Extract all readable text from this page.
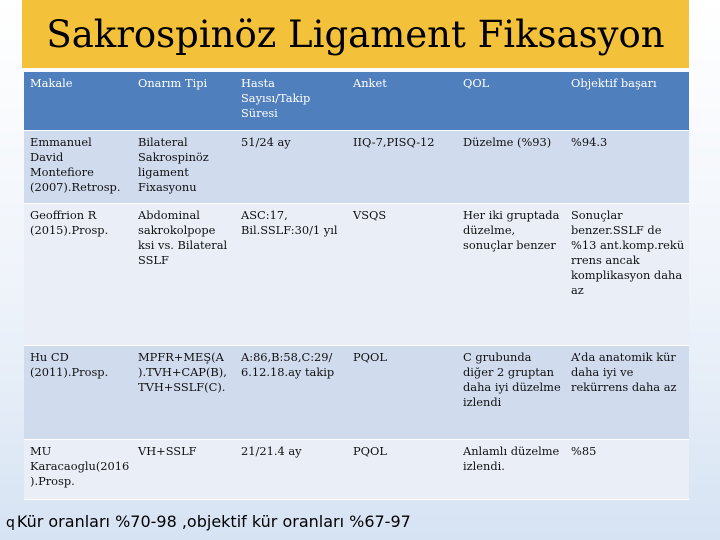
Sakrospinöz Ligament Fiksasyon
Makale	Onarım Tipi	Hasta Sayısı/Takip Süresi	Anket	QOL	Objektif başarı
Emmanuel David Montefiore (2007).Retrosp.	Bilateral Sakrospinöz ligament Fixasyonu	51/24 ay	IIQ-7,PISQ-12	Düzelme (%93)	%94.3
Geoffrion R (2015).Prosp.	Abdominal sakrokolpope ksi vs. Bilateral SSLF	ASC:17, Bil.SSLF:30/1 yıl	VSQS	Her iki gruptada düzelme, sonuçlar benzer	Sonuçlar benzer.SSLF de %13 ant.komp.rekü rrens ancak komplikasyon daha az
Hu CD (2011).Prosp.	MPFR+MEŞ(A ).TVH+CAP(B), TVH+SSLF(C).	A:86,B:58,C:29/ 6.12.18.ay takip	PQOL	C grubunda diğer 2 gruptan daha iyi düzelme izlendi	A’da anatomik kür daha iyi ve rekürrens daha az
MU Karacaoglu(2016 ).Prosp.	VH+SSLF	21/21.4 ay	PQOL	Anlamlı düzelme izlendi.	%85
q Kür oranları %70-98 ,objektif kür oranları %67-97
